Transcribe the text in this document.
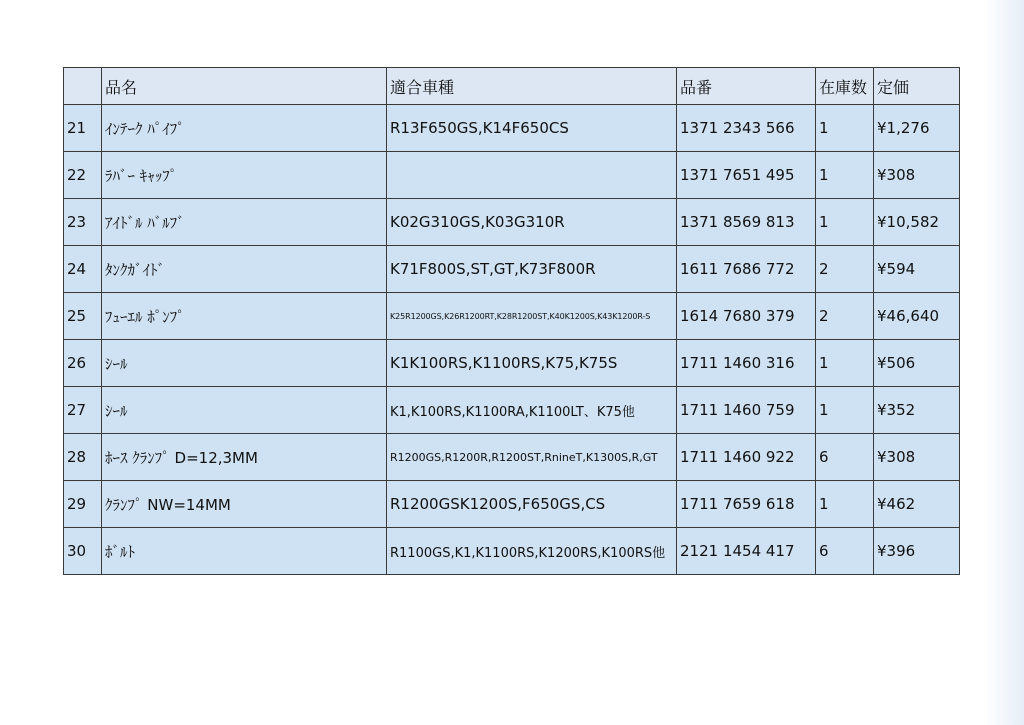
	品名	適合車種	品番	在庫数	定価
21	ｲﾝﾃｰｸ ﾊﾟｲﾌﾟ	R13F650GS,K14F650CS	1371 2343 566	1	¥1,276
22	ﾗﾊﾞｰ ｷｬｯﾌﾟ		1371 7651 495	1	¥308
23	ｱｲﾄﾞﾙ ﾊﾞﾙﾌﾞ	K02G310GS,K03G310R	1371 8569 813	1	¥10,582
24	ﾀﾝｸｶﾞｲﾄﾞ	K71F800S,ST,GT,K73F800R	1611 7686 772	2	¥594
25	ﾌｭｰｴﾙ ﾎﾟﾝﾌﾟ	K25R1200GS,K26R1200RT,K28R1200ST,K40K1200S,K43K1200R-S	1614 7680 379	2	¥46,640
26	ｼｰﾙ	K1K100RS,K1100RS,K75,K75S	1711 1460 316	1	¥506
27	ｼｰﾙ	K1,K100RS,K1100RA,K1100LT、K75他	1711 1460 759	1	¥352
28	ﾎｰｽ ｸﾗﾝﾌﾟ D=12,3MM	R1200GS,R1200R,R1200ST,RnineT,K1300S,R,GT	1711 1460 922	6	¥308
29	ｸﾗﾝﾌﾟ NW=14MM	R1200GSK1200S,F650GS,CS	1711 7659 618	1	¥462
30	ﾎﾞﾙﾄ	R1100GS,K1,K1100RS,K1200RS,K100RS他	2121 1454 417	6	¥396
